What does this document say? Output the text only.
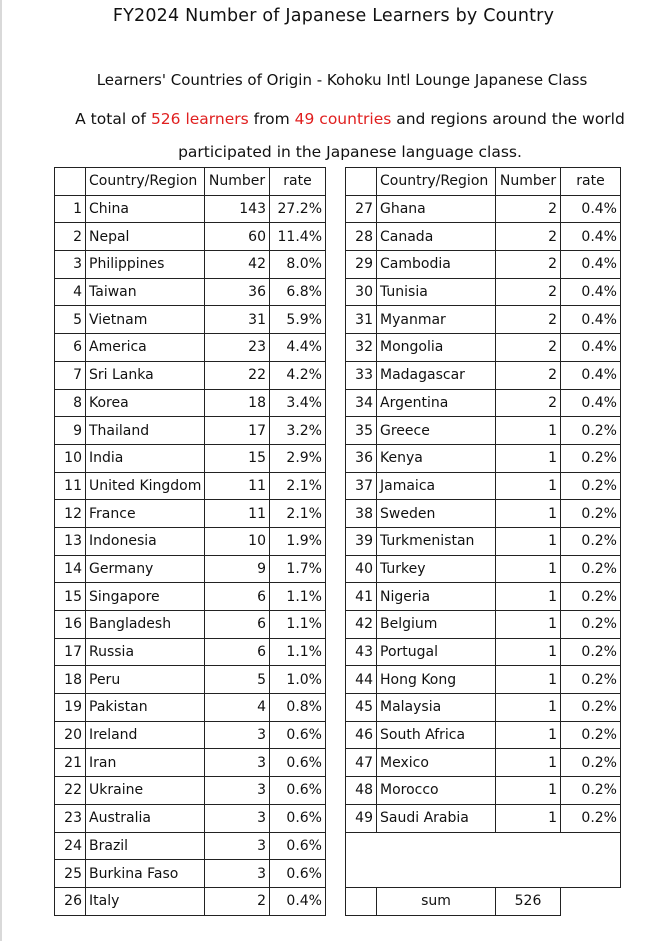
FY2024 Number of Japanese Learners by Country
Learners' Countries of Origin - Kohoku Intl Lounge Japanese Class
A total of 526 learners from 49 countries and regions around the world participated in the Japanese language class.
	Country/Region	Number	rate			Country/Region	Number	rate
1	China	143	27.2%		27	Ghana	2	0.4%
2	Nepal	60	11.4%		28	Canada	2	0.4%
3	Philippines	42	8.0%		29	Cambodia	2	0.4%
4	Taiwan	36	6.8%		30	Tunisia	2	0.4%
5	Vietnam	31	5.9%		31	Myanmar	2	0.4%
6	America	23	4.4%		32	Mongolia	2	0.4%
7	Sri Lanka	22	4.2%		33	Madagascar	2	0.4%
8	Korea	18	3.4%		34	Argentina	2	0.4%
9	Thailand	17	3.2%		35	Greece	1	0.2%
10	India	15	2.9%		36	Kenya	1	0.2%
11	United Kingdom	11	2.1%		37	Jamaica	1	0.2%
12	France	11	2.1%		38	Sweden	1	0.2%
13	Indonesia	10	1.9%		39	Turkmenistan	1	0.2%
14	Germany	9	1.7%		40	Turkey	1	0.2%
15	Singapore	6	1.1%		41	Nigeria	1	0.2%
16	Bangladesh	6	1.1%		42	Belgium	1	0.2%
17	Russia	6	1.1%		43	Portugal	1	0.2%
18	Peru	5	1.0%		44	Hong Kong	1	0.2%
19	Pakistan	4	0.8%		45	Malaysia	1	0.2%
20	Ireland	3	0.6%		46	South Africa	1	0.2%
21	Iran	3	0.6%		47	Mexico	1	0.2%
22	Ukraine	3	0.6%		48	Morocco	1	0.2%
23	Australia	3	0.6%		49	Saudi Arabia	1	0.2%
24	Brazil	3	0.6%					
25	Burkina Faso	3	0.6%					
26	Italy	2	0.4%			sum	526	
